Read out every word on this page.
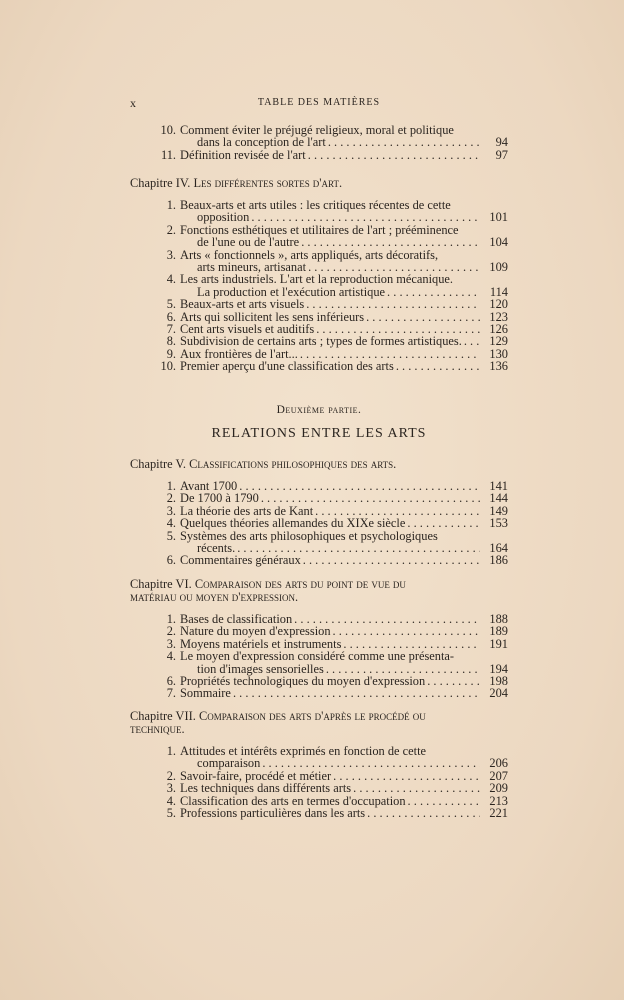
x	TABLE DES MATIÈRES
10. Comment éviter le préjugé religieux, moral et politique
dans la conception de l'art . . .	94
11. Définition revisée de l'art . . .	97
Chapitre IV. Les différentes sortes d'art.
1. Beaux-arts et arts utiles : les critiques récentes de cette
opposition . . .	101
2. Fonctions esthétiques et utilitaires de l'art ; prééminence
de l'une ou de l'autre . . .	104
3. Arts « fonctionnels », arts appliqués, arts décoratifs,
arts mineurs, artisanat . . .	109
4. Les arts industriels. L'art et la reproduction mécanique.
La production et l'exécution artistique . . .	114
5. Beaux-arts et arts visuels . . .	120
6. Arts qui sollicitent les sens inférieurs . . .	123
7. Cent arts visuels et auditifs . . .	126
8. Subdivision de certains arts ; types de formes artistiques. . . .	129
9. Aux frontières de l'art... . . .	130
10. Premier aperçu d'une classification des arts . . .	136
Deuxième partie.
RELATIONS ENTRE LES ARTS
Chapitre V. Classifications philosophiques des arts.
1. Avant 1700 . . .	141
2. De 1700 à 1790 . . .	144
3. La théorie des arts de Kant . . .	149
4. Quelques théories allemandes du XIXe siècle . . .	153
5. Systèmes des arts philosophiques et psychologiques
récents. . . .	164
6. Commentaires généraux . . .	186
Chapitre VI. Comparaison des arts du point de vue du
matériau ou moyen d'expression.
1. Bases de classification . . .	188
2. Nature du moyen d'expression . . .	189
3. Moyens matériels et instruments . . .	191
4. Le moyen d'expression considéré comme une présenta-
tion d'images sensorielles . . .	194
6. Propriétés technologiques du moyen d'expression . . .	198
7. Sommaire . . .	204
Chapitre VII. Comparaison des arts d'après le procédé ou
technique.
1. Attitudes et intérêts exprimés en fonction de cette
comparaison . . .	206
2. Savoir-faire, procédé et métier . . .	207
3. Les techniques dans différents arts . . .	209
4. Classification des arts en termes d'occupation . . .	213
5. Professions particulières dans les arts . . .	221
